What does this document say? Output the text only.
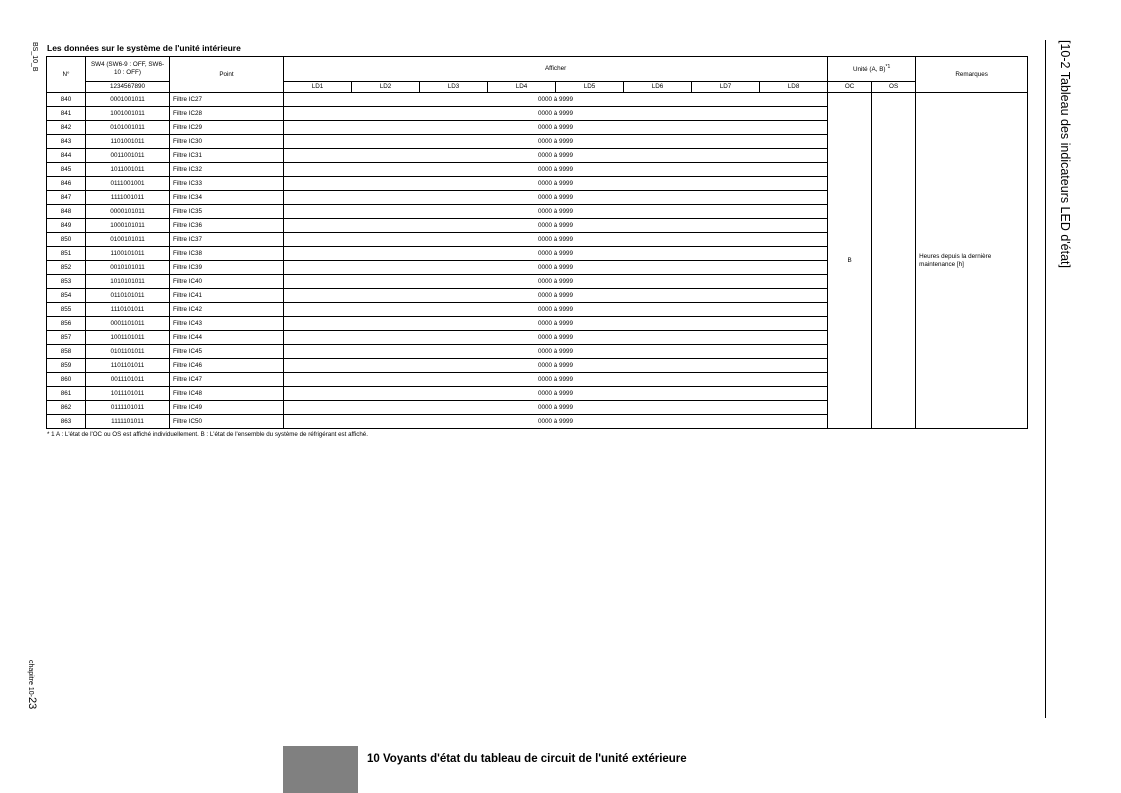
BS_10_B
chapitre 10-23
[10-2 Tableau des indicateurs LED d'état]
Les données sur le système de l'unité intérieure
N°	SW4 (SW6-9 : OFF, SW6-10 : OFF)	Point	Afficher								Unité (A, B)$^{*1}$		Remarques
	1234567890		LD1	LD2	LD3	LD4	LD5	LD6	LD7	LD8	OC	OS	
840	0001001011	Filtre IC27	0000 à 9999								B		Heures depuis la dernière maintenance [h]
841	1001001011	Filtre IC28	0000 à 9999										
842	0101001011	Filtre IC29	0000 à 9999										
843	1101001011	Filtre IC30	0000 à 9999										
844	0011001011	Filtre IC31	0000 à 9999										
845	1011001011	Filtre IC32	0000 à 9999										
846	0111001001	Filtre IC33	0000 à 9999										
847	1111001011	Filtre IC34	0000 à 9999										
848	0000101011	Filtre IC35	0000 à 9999										
849	1000101011	Filtre IC36	0000 à 9999										
850	0100101011	Filtre IC37	0000 à 9999										
851	1100101011	Filtre IC38	0000 à 9999										
852	0010101011	Filtre IC39	0000 à 9999										
853	1010101011	Filtre IC40	0000 à 9999										
854	0110101011	Filtre IC41	0000 à 9999										
855	1110101011	Filtre IC42	0000 à 9999										
856	0001101011	Filtre IC43	0000 à 9999										
857	1001101011	Filtre IC44	0000 à 9999										
858	0101101011	Filtre IC45	0000 à 9999										
859	1101101011	Filtre IC46	0000 à 9999										
860	0011101011	Filtre IC47	0000 à 9999										
861	1011101011	Filtre IC48	0000 à 9999										
862	0111101011	Filtre IC49	0000 à 9999										
863	1111101011	Filtre IC50	0000 à 9999										
* 1 A : L'état de l'OC ou OS est affiché individuellement. B : L'état de l'ensemble du système de réfrigérant est affiché.
10 Voyants d'état du tableau de circuit de l'unité extérieure
